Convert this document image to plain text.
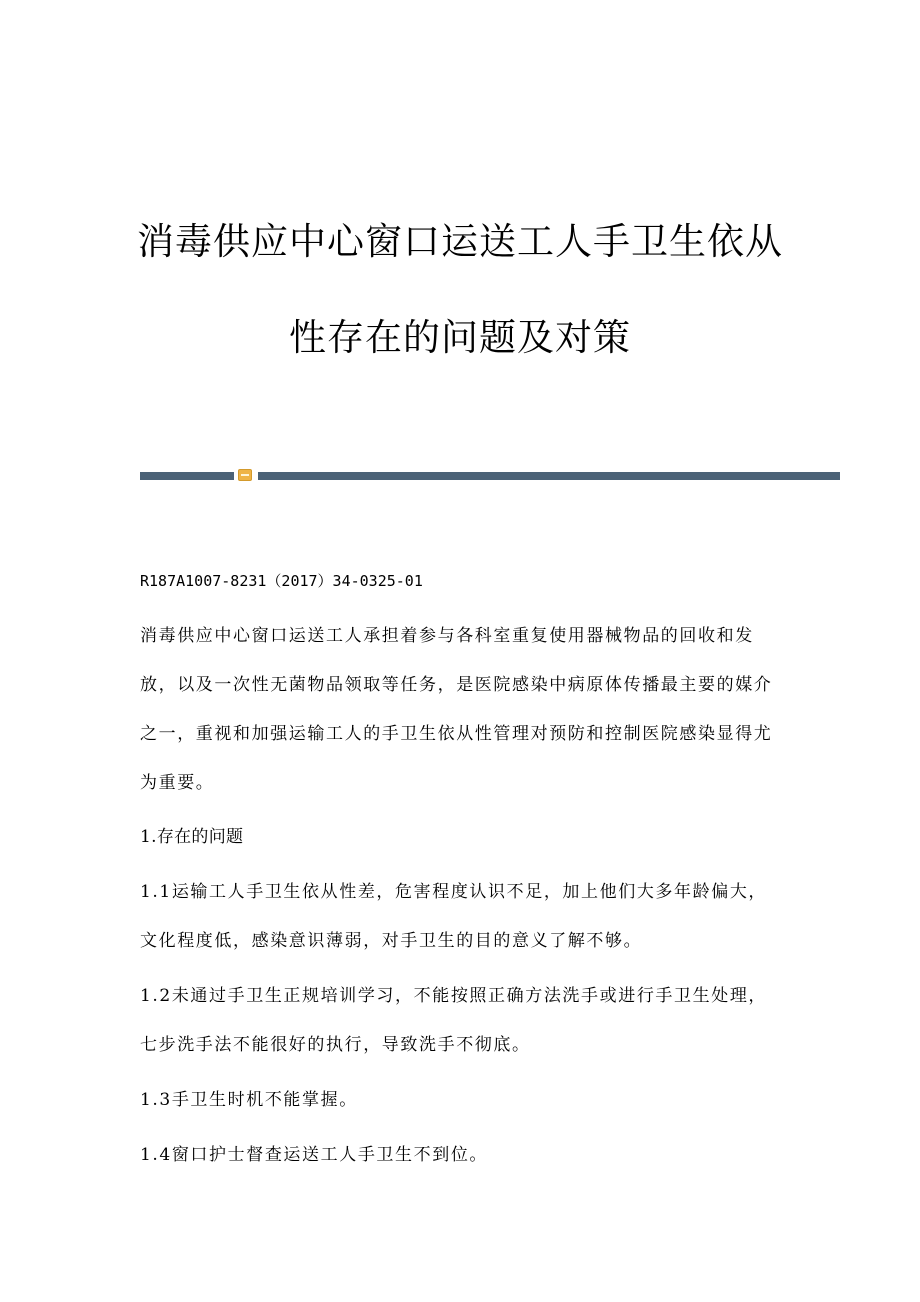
消毒供应中心窗口运送工人手卫生依从
性存在的问题及对策

R187A1007-8231（2017）34-0325-01

消毒供应中心窗口运送工人承担着参与各科室重复使用器械物品的回收和发

放，以及一次性无菌物品领取等任务，是医院感染中病原体传播最主要的媒介

之一，重视和加强运输工人的手卫生依从性管理对预防和控制医院感染显得尤

为重要。

1.存在的问题

1.1运输工人手卫生依从性差，危害程度认识不足，加上他们大多年龄偏大，

文化程度低，感染意识薄弱，对手卫生的目的意义了解不够。

1.2未通过手卫生正规培训学习，不能按照正确方法洗手或进行手卫生处理，

七步洗手法不能很好的执行，导致洗手不彻底。

1.3手卫生时机不能掌握。

1.4窗口护士督查运送工人手卫生不到位。
